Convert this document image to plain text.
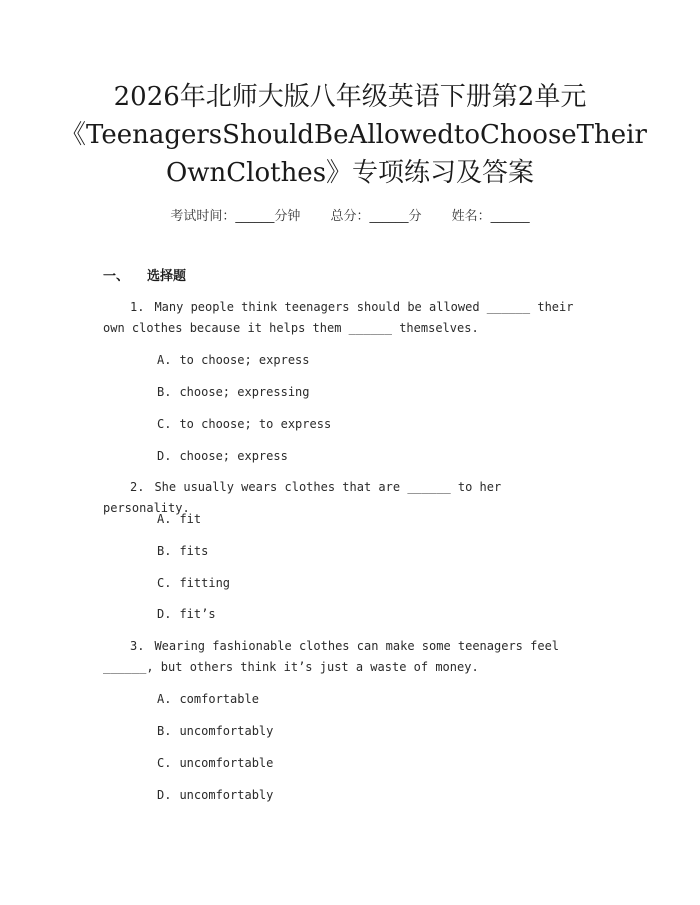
2026年北师大版八年级英语下册第2单元
《TeenagersShouldBeAllowedtoChooseTheir
OwnClothes》专项练习及答案
考试时间：______分钟 总分：______分 姓名：______
一、 选择题

1. Many people think teenagers should be allowed ______ their own clothes because it helps them ______ themselves.

A. to choose; express
B. choose; expressing
C. to choose; to express
D. choose; express

2. She usually wears clothes that are ______ to her personality.

A. fit
B. fits
C. fitting
D. fit’s

3. Wearing fashionable clothes can make some teenagers feel ______, but others think it’s just a waste of money.

A. comfortable
B. uncomfortably
C. uncomfortable
D. uncomfortably
